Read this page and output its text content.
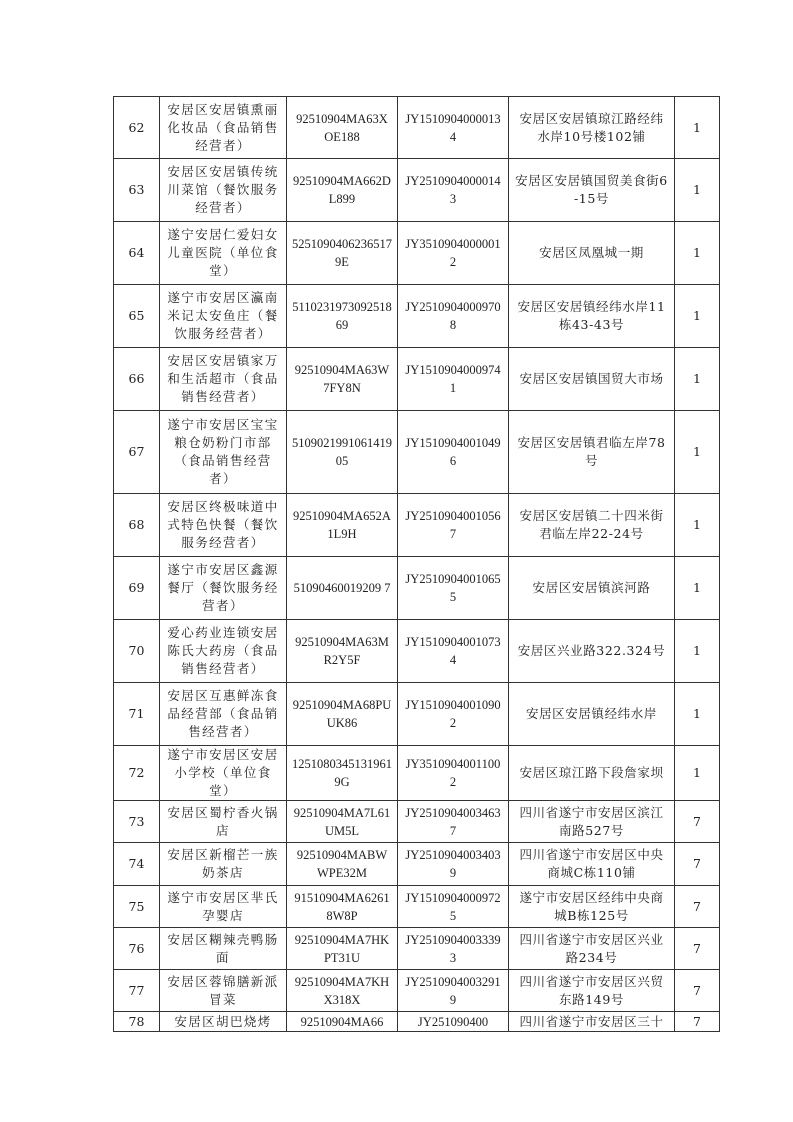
62	安居区安居镇熏丽化妆品（食品销售经营者）	92510904MA63XOE188	JY15109040000134	安居区安居镇琼江路经纬水岸10号楼102铺	1
63	安居区安居镇传统川菜馆（餐饮服务经营者）	92510904MA662DL899	JY25109040000143	安居区安居镇国贸美食街6-15号	1
64	遂宁安居仁爱妇女儿童医院（单位食堂）	52510904062365179E	JY35109040000012	安居区凤凰城一期	1
65	遂宁市安居区瀛南米记太安鱼庄（餐饮服务经营者）	511023197309251869	JY25109040009708	安居区安居镇经纬水岸11栋43-43号	1
66	安居区安居镇家万和生活超市（食品销售经营者）	92510904MA63W7FY8N	JY15109040009741	安居区安居镇国贸大市场	1
67	遂宁市安居区宝宝粮仓奶粉门市部（食品销售经营者）	510902199106141905	JY15109040010496	安居区安居镇君临左岸78号	1
68	安居区终极味道中式特色快餐（餐饮服务经营者）	92510904MA652A1L9H	JY25109040010567	安居区安居镇二十四米街君临左岸22-24号	1
69	遂宁市安居区鑫源餐厅（餐饮服务经营者）	51090460019209 7	JY25109040010655	安居区安居镇滨河路	1
70	爱心药业连锁安居陈氏大药房（食品销售经营者）	92510904MA63MR2Y5F	JY15109040010734	安居区兴业路322.324号	1
71	安居区互惠鲜冻食品经营部（食品销售经营者）	92510904MA68PUUK86	JY15109040010902	安居区安居镇经纬水岸	1
72	遂宁市安居区安居小学校（单位食堂）	12510803451319619G	JY35109040011002	安居区琼江路下段詹家坝	1
73	安居区蜀柠香火锅店	92510904MA7L61UM5L	JY25109040034637	四川省遂宁市安居区滨江南路527号	7
74	安居区新榴芒一族奶茶店	92510904MABWWPE32M	JY25109040034039	四川省遂宁市安居区中央商城C栋110铺	7
75	遂宁市安居区芈氏孕婴店	91510904MA62618W8P	JY15109040009725	遂宁市安居区经纬中央商城B栋125号	7
76	安居区糊辣壳鸭肠面	92510904MA7HKPT31U	JY25109040033393	四川省遂宁市安居区兴业路234号	7
77	安居区蓉锦膳新派冒菜	92510904MA7KHX318X	JY25109040032919	四川省遂宁市安居区兴贸东路149号	7
78	安居区胡巴烧烤	92510904MA66	JY251090400	四川省遂宁市安居区三十	7
